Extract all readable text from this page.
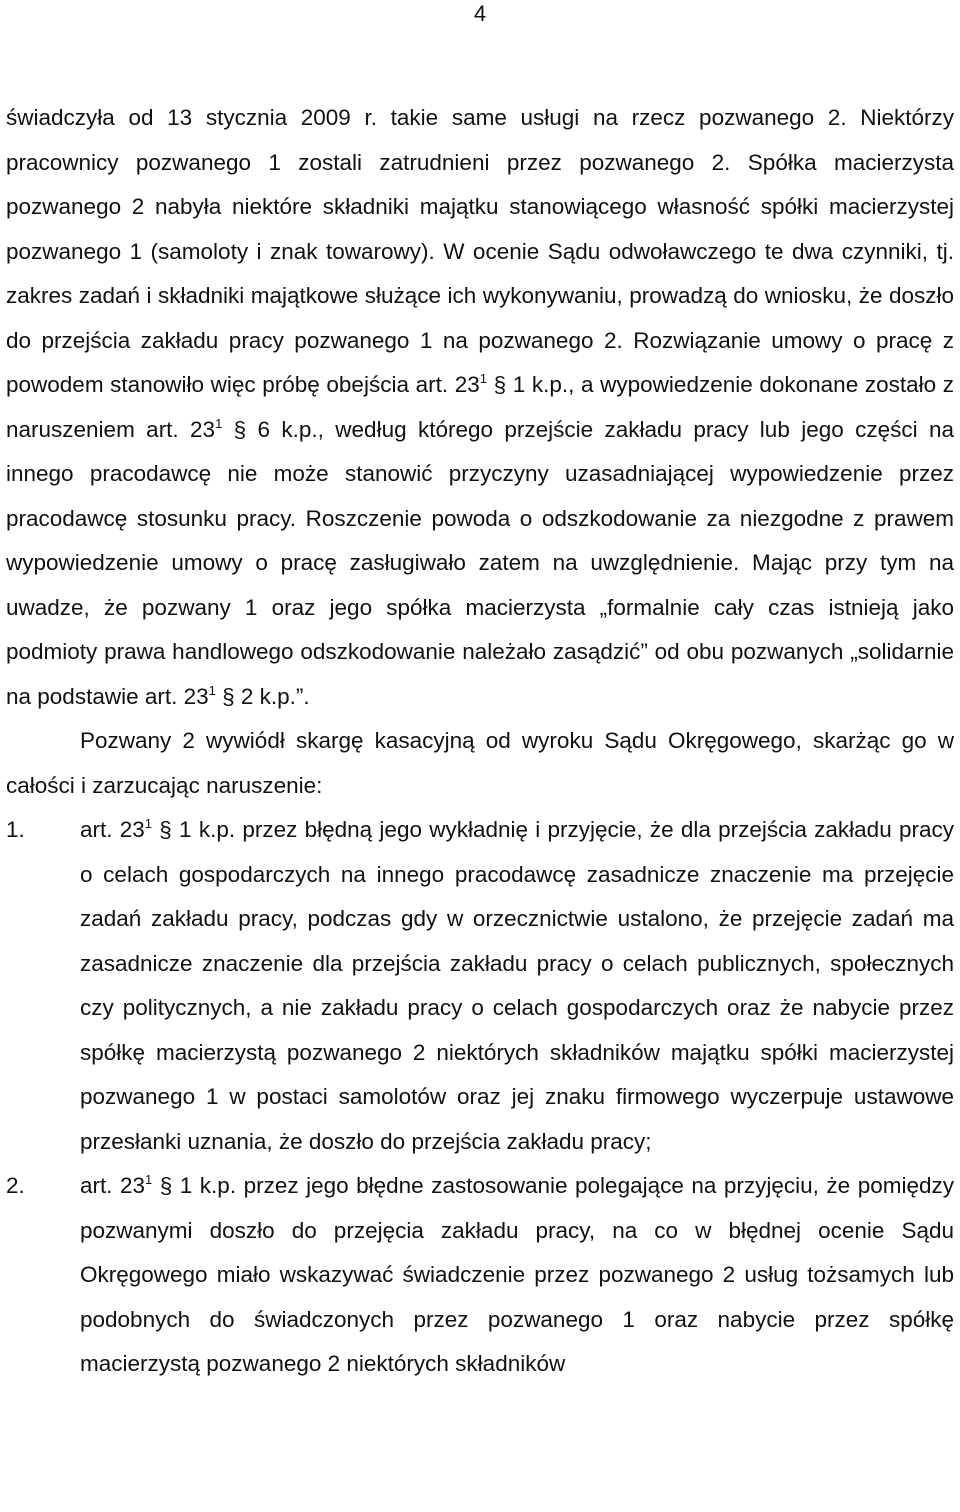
4

świadczyła od 13 stycznia 2009 r. takie same usługi na rzecz pozwanego 2. Niektórzy pracownicy pozwanego 1 zostali zatrudnieni przez pozwanego 2. Spółka macierzysta pozwanego 2 nabyła niektóre składniki majątku stanowiącego własność spółki macierzystej pozwanego 1 (samoloty i znak towarowy). W ocenie Sądu odwoławczego te dwa czynniki, tj. zakres zadań i składniki majątkowe służące ich wykonywaniu, prowadzą do wniosku, że doszło do przejścia zakładu pracy pozwanego 1 na pozwanego 2. Rozwiązanie umowy o pracę z powodem stanowiło więc próbę obejścia art. $23^1$ § 1 k.p., a wypowiedzenie dokonane zostało z naruszeniem art. $23^1$ § 6 k.p., według którego przejście zakładu pracy lub jego części na innego pracodawcę nie może stanowić przyczyny uzasadniającej wypowiedzenie przez pracodawcę stosunku pracy. Roszczenie powoda o odszkodowanie za niezgodne z prawem wypowiedzenie umowy o pracę zasługiwało zatem na uwzględnienie. Mając przy tym na uwadze, że pozwany 1 oraz jego spółka macierzysta „formalnie cały czas istnieją jako podmioty prawa handlowego odszkodowanie należało zasądzić” od obu pozwanych „solidarnie na podstawie art. $23^1$ § 2 k.p.”.

Pozwany 2 wywiódł skargę kasacyjną od wyroku Sądu Okręgowego, skarżąc go w całości i zarzucając naruszenie:

1.	art. $23^1$ § 1 k.p. przez błędną jego wykładnię i przyjęcie, że dla przejścia zakładu pracy o celach gospodarczych na innego pracodawcę zasadnicze znaczenie ma przejęcie zadań zakładu pracy, podczas gdy w orzecznictwie ustalono, że przejęcie zadań ma zasadnicze znaczenie dla przejścia zakładu pracy o celach publicznych, społecznych czy politycznych, a nie zakładu pracy o celach gospodarczych oraz że nabycie przez spółkę macierzystą pozwanego 2 niektórych składników majątku spółki macierzystej pozwanego 1 w postaci samolotów oraz jej znaku firmowego wyczerpuje ustawowe przesłanki uznania, że doszło do przejścia zakładu pracy;
2.	art. $23^1$ § 1 k.p. przez jego błędne zastosowanie polegające na przyjęciu, że pomiędzy pozwanymi doszło do przejęcia zakładu pracy, na co w błędnej ocenie Sądu Okręgowego miało wskazywać świadczenie przez pozwanego 2 usług tożsamych lub podobnych do świadczonych przez pozwanego 1 oraz nabycie przez spółkę macierzystą pozwanego 2 niektórych składników
